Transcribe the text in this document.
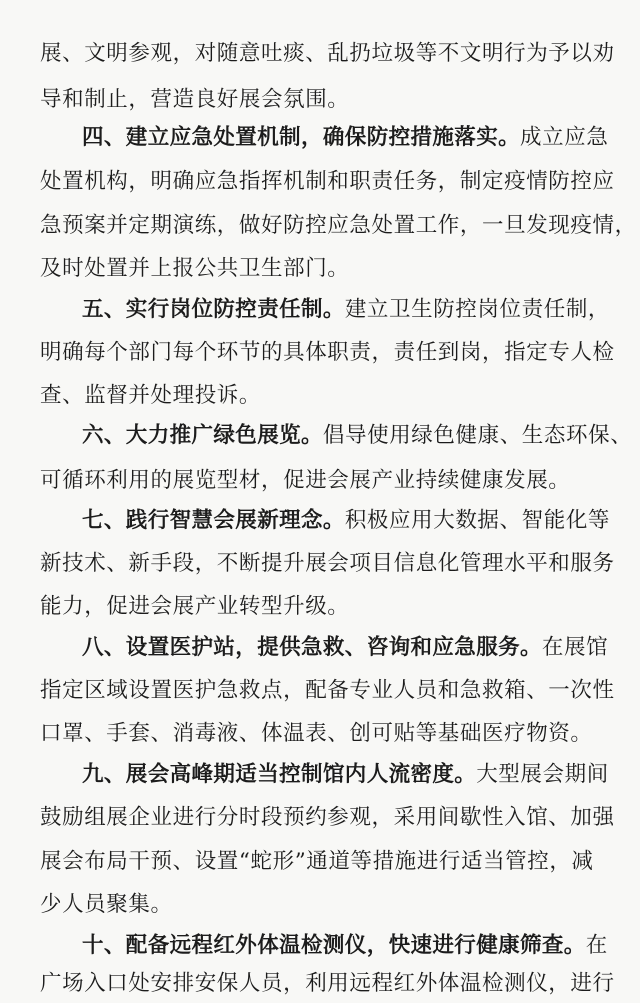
展、文明参观，对随意吐痰、乱扔垃圾等不文明行为予以劝
导和制止，营造良好展会氛围。
四、建立应急处置机制，确保防控措施落实。成立应急
处置机构，明确应急指挥机制和职责任务，制定疫情防控应
急预案并定期演练，做好防控应急处置工作，一旦发现疫情，
及时处置并上报公共卫生部门。
五、实行岗位防控责任制。建立卫生防控岗位责任制，
明确每个部门每个环节的具体职责，责任到岗，指定专人检
查、监督并处理投诉。
六、大力推广绿色展览。倡导使用绿色健康、生态环保、
可循环利用的展览型材，促进会展产业持续健康发展。
七、践行智慧会展新理念。积极应用大数据、智能化等
新技术、新手段，不断提升展会项目信息化管理水平和服务
能力，促进会展产业转型升级。
八、设置医护站，提供急救、咨询和应急服务。在展馆
指定区域设置医护急救点，配备专业人员和急救箱、一次性
口罩、手套、消毒液、体温表、创可贴等基础医疗物资。
九、展会高峰期适当控制馆内人流密度。大型展会期间
鼓励组展企业进行分时段预约参观，采用间歇性入馆、加强
展会布局干预、设置“蛇形”通道等措施进行适当管控，减
少人员聚集。
十、配备远程红外体温检测仪，快速进行健康筛查。在
广场入口处安排安保人员，利用远程红外体温检测仪，进行
